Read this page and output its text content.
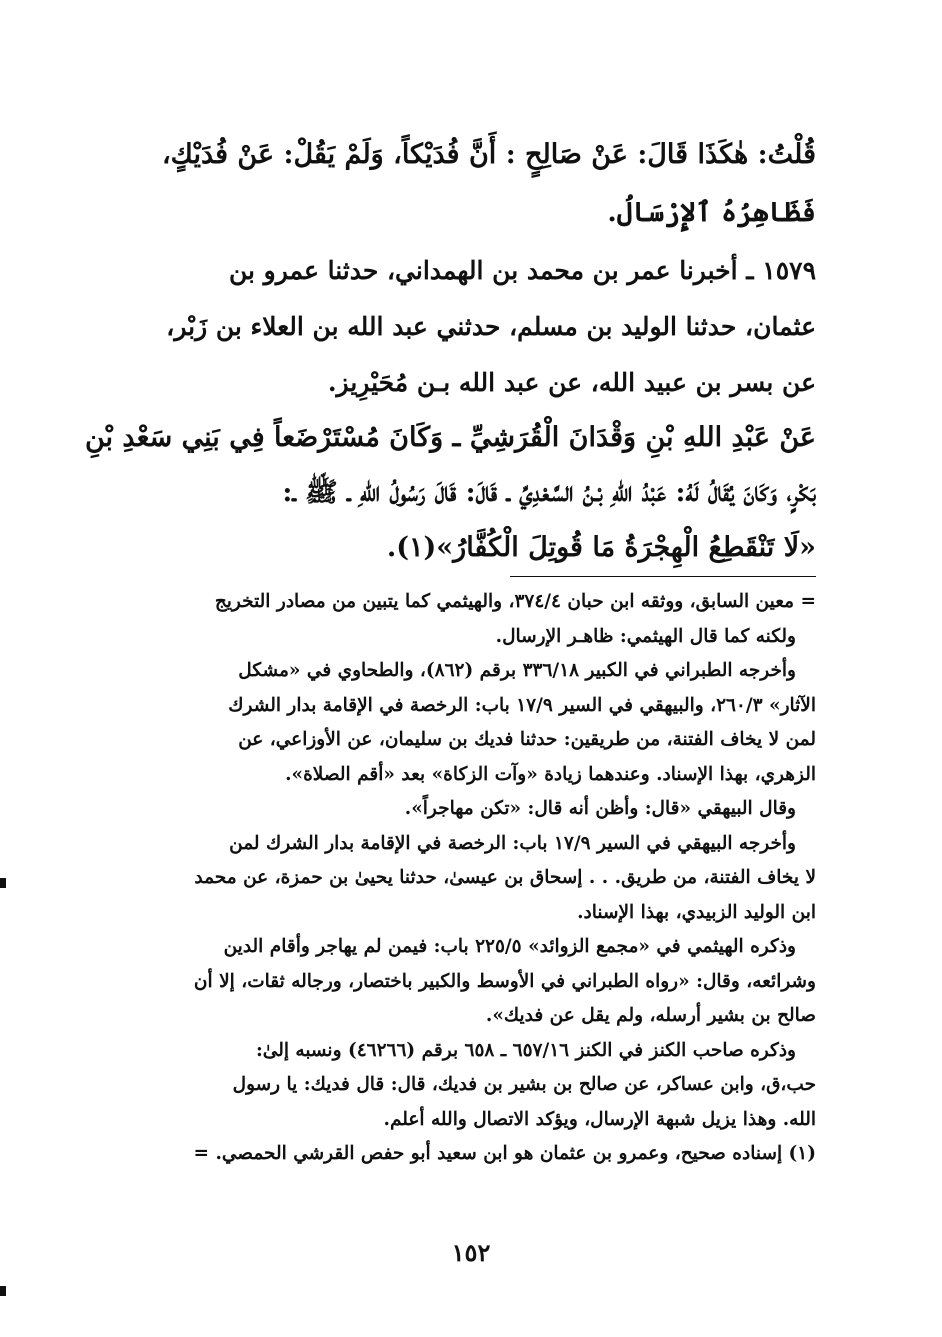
قُلْتُ: هٰكَذَا قَالَ: عَنْ صَالِحٍ : أَنَّ فُدَيْكاً، وَلَمْ يَقُلْ: عَنْ فُدَيْكٍ،
فَظَاهِرُهُ ٱلإِرْسَالُ.
١٥٧٩ ـ أخبرنا عمر بن محمد بن الهمداني، حدثنا عمرو بن
عثمان، حدثنا الوليد بن مسلم، حدثني عبد الله بن العلاء بن زَبْر،
عن بسر بن عبيد الله، عن عبد الله بـن مُحَيْرِيز.
عَنْ عَبْدِ اللهِ بْنِ وَقْدَانَ الْقُرَشِيِّ ـ وَكَانَ مُسْتَرْضَعاً فِي بَنِي سَعْدِ بْنِ
بَكْرٍ، وَكَانَ يُقَالُ لَهُ: عَبْدُ اللهِ بْـنُ السَّعْدِيِّ ـ قَالَ: قَالَ رَسُولُ اللهِ ـ ﷺ ـ:
«لَا تَنْقَطِعُ الْهِجْرَةُ مَا قُوتِلَ الْكُفَّارُ»(١).
= معين السابق، ووثقه ابن حبان ٣٧٤/٤، والهيثمي كما يتبين من مصادر التخريج
ولكنه كما قال الهيثمي: ظاهـر الإرسال.
وأخرجه الطبراني في الكبير ٣٣٦/١٨ برقم (٨٦٢)، والطحاوي في «مشكل
الآثار» ٢٦٠/٣، والبيهقي في السير ١٧/٩ باب: الرخصة في الإقامة بدار الشرك
لمن لا يخاف الفتنة، من طريقين: حدثنا فديك بن سليمان، عن الأوزاعي، عن
الزهري، بهذا الإسناد. وعندهما زيادة «وآت الزكاة» بعد «أقم الصلاة».
وقال البيهقي «قال: وأظن أنه قال: «تكن مهاجراً».
وأخرجه البيهقي في السير ١٧/٩ باب: الرخصة في الإقامة بدار الشرك لمن
لا يخاف الفتنة، من طريق. . . إسحاق بن عيسىٰ، حدثنا يحيىٰ بن حمزة، عن محمد
ابن الوليد الزبيدي، بهذا الإسناد.
وذكره الهيثمي في «مجمع الزوائد» ٢٢٥/٥ باب: فيمن لم يهاجر وأقام الدين
وشرائعه، وقال: «رواه الطبراني في الأوسط والكبير باختصار، ورجاله ثقات، إلا أن
صالح بن بشير أرسله، ولم يقل عن فديك».
وذكره صاحب الكنز في الكنز ٦٥٧/١٦ ـ ٦٥٨ برقم (٤٦٢٦٦) ونسبه إلىٰ:
حب،ق، وابن عساكر، عن صالح بن بشير بن فديك، قال: قال فديك: يا رسول
الله. وهذا يزيل شبهة الإرسال، ويؤكد الاتصال والله أعلم.
(١) إسناده صحيح، وعمرو بن عثمان هو ابن سعيد أبو حفص القرشي الحمصي. =
١٥٢
